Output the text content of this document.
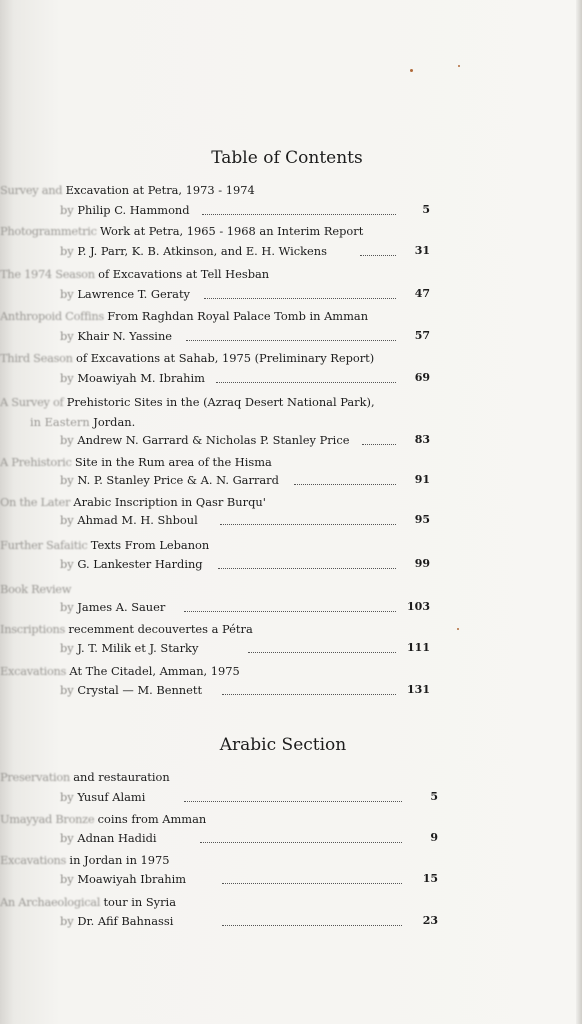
Table of Contents
Survey and Excavation at Petra, 1973 - 1974
by Philip C. Hammond	5
Photogrammetric Work at Petra, 1965 - 1968 an Interim Report
by P. J. Parr, K. B. Atkinson, and E. H. Wickens	31
The 1974 Season of Excavations at Tell Hesban
by Lawrence T. Geraty	47
Anthropoid Coffins From Raghdan Royal Palace Tomb in Amman
by Khair N. Yassine	57
Third Season of Excavations at Sahab, 1975 (Preliminary Report)
by Moawiyah M. Ibrahim	69
A Survey of Prehistoric Sites in the (Azraq Desert National Park),
in Eastern Jordan.
by Andrew N. Garrard & Nicholas P. Stanley Price	83
A Prehistoric Site in the Rum area of the Hisma
by N. P. Stanley Price & A. N. Garrard	91
On the Later Arabic Inscription in Qasr Burqu'
by Ahmad M. H. Shboul	95
Further Safaitic Texts From Lebanon
by G. Lankester Harding	99
Book Review
by James A. Sauer	103
Inscriptions recemment decouvertes a Pétra
by J. T. Milik et J. Starky	111
Excavations At The Citadel, Amman, 1975
by Crystal — M. Bennett	131
Arabic Section
Preservation and restauration
by Yusuf Alami	5
Umayyad Bronze coins from Amman
by Adnan Hadidi	9
Excavations in Jordan in 1975
by Moawiyah Ibrahim	15
An Archaeological tour in Syria
by Dr. Afif Bahnassi	23
